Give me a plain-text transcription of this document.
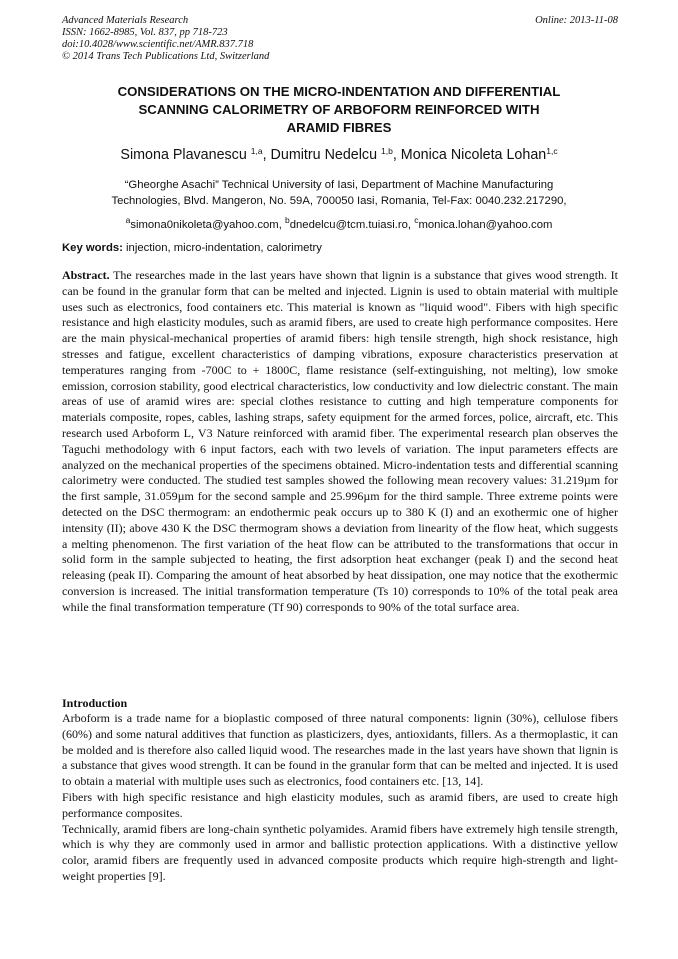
Advanced Materials Research
ISSN: 1662-8985, Vol. 837, pp 718-723
doi:10.4028/www.scientific.net/AMR.837.718
© 2014 Trans Tech Publications Ltd, Switzerland
Online: 2013-11-08
CONSIDERATIONS ON THE MICRO-INDENTATION AND DIFFERENTIAL
SCANNING CALORIMETRY OF ARBOFORM REINFORCED WITH
ARAMID FIBRES
Simona Plavanescu $^{1,a}$, Dumitru Nedelcu $^{1,b}$, Monica Nicoleta Lohan$^{1,c}$
“Gheorghe Asachi” Technical University of Iasi, Department of Machine Manufacturing
Technologies, Blvd. Mangeron, No. 59A, 700050 Iasi, Romania, Tel-Fax: 0040.232.217290,
$^a$simona0nikoleta@yahoo.com, $^b$dnedelcu@tcm.tuiasi.ro, $^c$monica.lohan@yahoo.com
Key words: injection, micro-indentation, calorimetry
Abstract. The researches made in the last years have shown that lignin is a substance that gives wood strength. It can be found in the granular form that can be melted and injected. Lignin is used to obtain material with multiple uses such as electronics, food containers etc. This material is known as "liquid wood". Fibers with high specific resistance and high elasticity modules, such as aramid fibers, are used to create high performance composites. Here are the main physical-mechanical properties of aramid fibers: high tensile strength, high shock resistance, high stresses and fatigue, excellent characteristics of damping vibrations, exposure characteristics preservation at temperatures ranging from -700C to + 1800C, flame resistance (self-extinguishing, not melting), low smoke emission, corrosion stability, good electrical characteristics, low conductivity and low dielectric constant. The main areas of use of aramid wires are: special clothes resistance to cutting and high temperature components for materials composite, ropes, cables, lashing straps, safety equipment for the armed forces, police, aircraft, etc. This research used Arboform L, V3 Nature reinforced with aramid fiber. The experimental research plan observes the Taguchi methodology with 6 input factors, each with two levels of variation. The input parameters effects are analyzed on the mechanical properties of the specimens obtained. Micro-indentation tests and differential scanning calorimetry were conducted. The studied test samples showed the following mean recovery values: 31.219µm for the first sample, 31.059µm for the second sample and 25.996µm for the third sample. Three extreme points were detected on the DSC thermogram: an endothermic peak occurs up to 380 K (I) and an exothermic one of higher intensity (II); above 430 K the DSC thermogram shows a deviation from linearity of the flow heat, which suggests a melting phenomenon. The first variation of the heat flow can be attributed to the transformations that occur in solid form in the sample subjected to heating, the first adsorption heat exchanger (peak I) and the second heat releasing (peak II). Comparing the amount of heat absorbed by heat dissipation, one may notice that the exothermic conversion is increased. The initial transformation temperature (Ts 10) corresponds to 10% of the total peak area while the final transformation temperature (Tf 90) corresponds to 90% of the total surface area.
Introduction

Arboform is a trade name for a bioplastic composed of three natural components: lignin (30%), cellulose fibers (60%) and some natural additives that function as plasticizers, dyes, antioxidants, fillers. As a thermoplastic, it can be molded and is therefore also called liquid wood. The researches made in the last years have shown that lignin is a substance that gives wood strength. It can be found in the granular form that can be melted and injected. It is used to obtain a material with multiple uses such as electronics, food containers etc. [13, 14].

Fibers with high specific resistance and high elasticity modules, such as aramid fibers, are used to create high performance composites.

Technically, aramid fibers are long-chain synthetic polyamides. Aramid fibers have extremely high tensile strength, which is why they are commonly used in armor and ballistic protection applications. With a distinctive yellow color, aramid fibers are frequently used in advanced composite products which require high-strength and light-weight properties [9].
